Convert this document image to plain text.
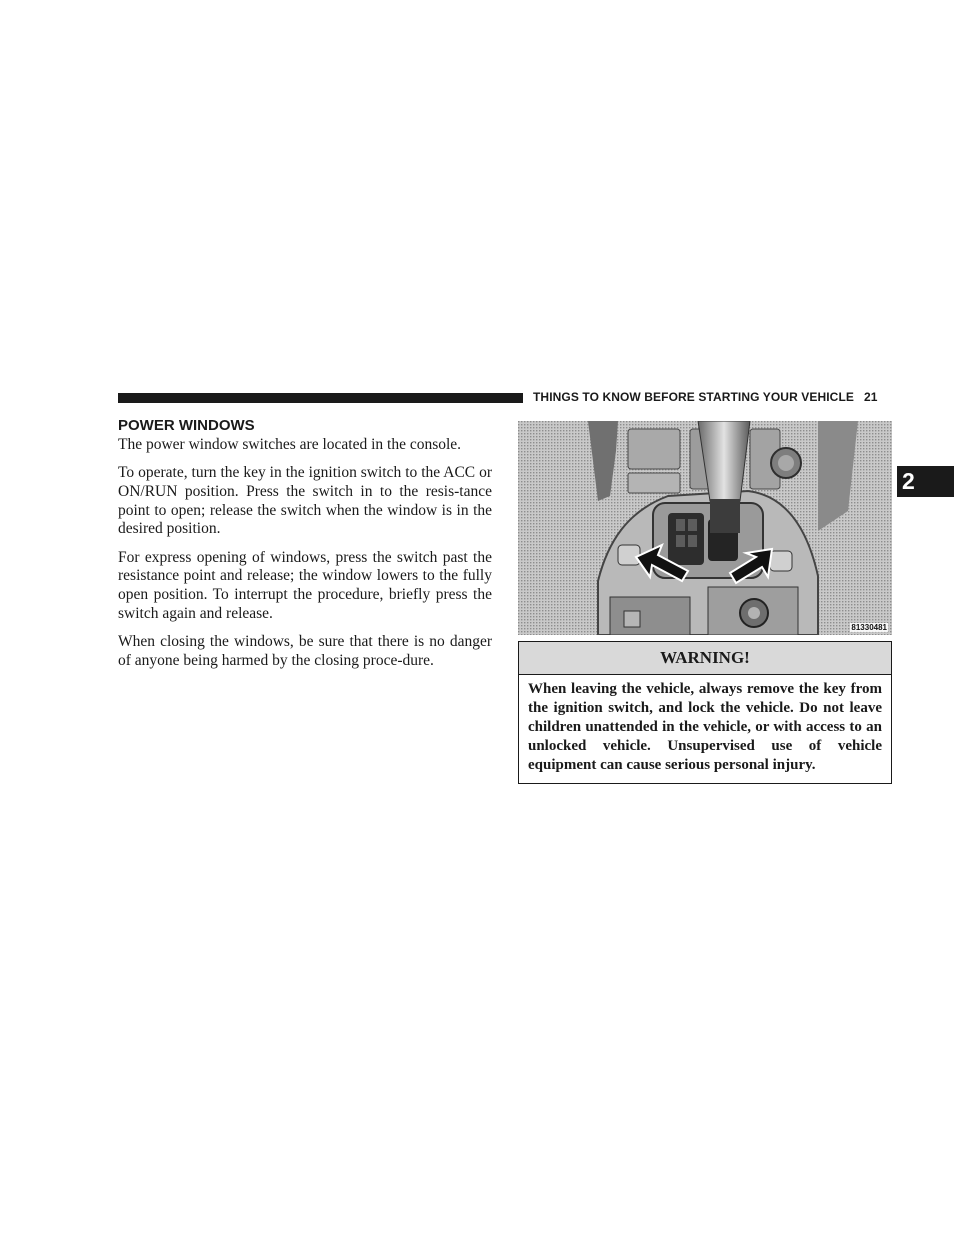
THINGS TO KNOW BEFORE STARTING YOUR VEHICLE 21
2
POWER WINDOWS

The power window switches are located in the console.

To operate, turn the key in the ignition switch to the ACC or ON/RUN position. Press the switch in to the resis-tance point to open; release the switch when the window is in the desired position.

For express opening of windows, press the switch past the resistance point and release; the window lowers to the fully open position. To interrupt the procedure, briefly press the switch again and release.

When closing the windows, be sure that there is no danger of anyone being harmed by the closing proce-dure.

81330481
WARNING!
When leaving the vehicle, always remove the key from the ignition switch, and lock the vehicle. Do not leave children unattended in the vehicle, or with access to an unlocked vehicle. Unsupervised use of vehicle equipment can cause serious personal injury.
